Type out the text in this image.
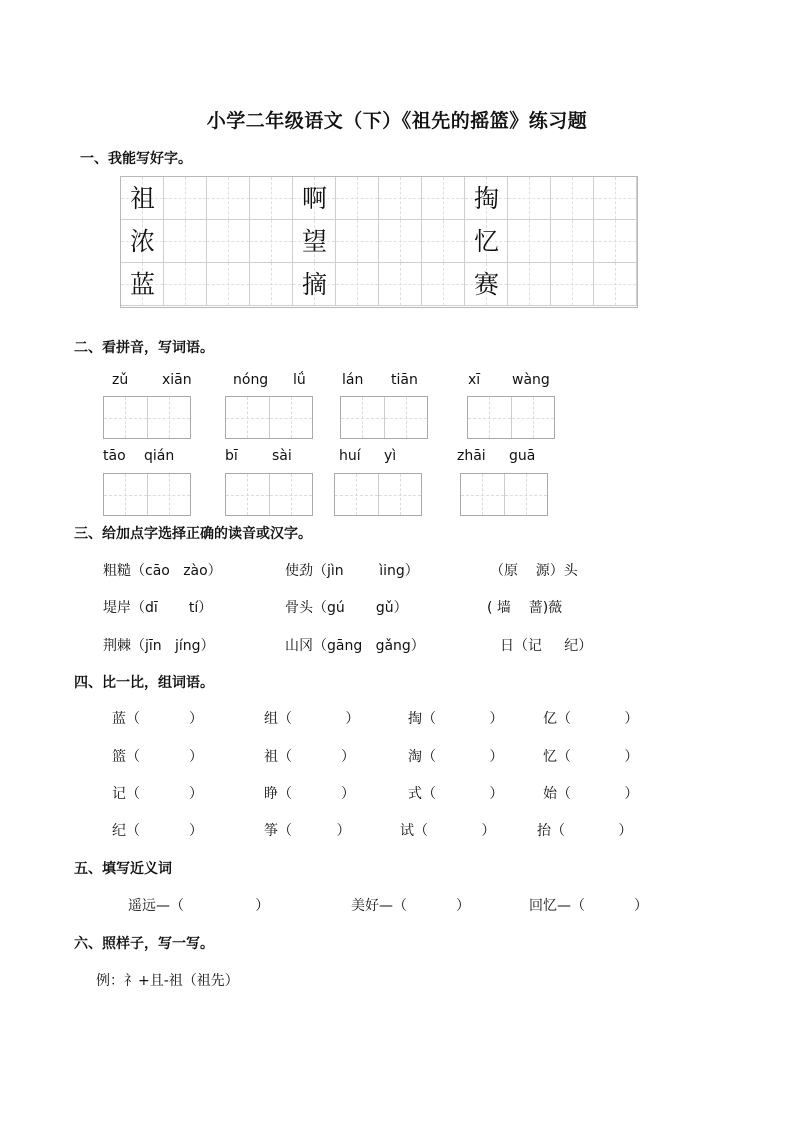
小学二年级语文（下）《祖先的摇篮》练习题
一、我能写好字。
祖	啊	掏
浓	望	忆
蓝	摘	赛
二、看拼音，写词语。
zǔ xiān	nóng lǘ	lán tiān	xī wàng
tāo qián	bī sài	huí yì	zhāi guā
三、给加点字选择正确的读音或汉字。
粗糙（cāo   zào）	使劲（jìn        ìing）	（原    源）头
堤岸（dī       tí）	骨头（gú       gǔ）	( 墙    蔷)薇
荆棘（jīn   jíng）	山冈（gāng   gǎng）	日（记     纪）
四、比一比，组词语。
蓝（           ）	组（            ）	掏（            ）	亿（            ）
篮（           ）	祖（           ）	淘（            ）	忆（            ）
记（           ）	睁（           ）	式（            ）	始（            ）
纪（           ）	筝（          ）	试（            ）	抬（            ）
五、填写近义词
遥远—（                ）	美好—（           ）	回忆—（           ）
六、照样子，写一写。
例：礻+且-祖（祖先）
